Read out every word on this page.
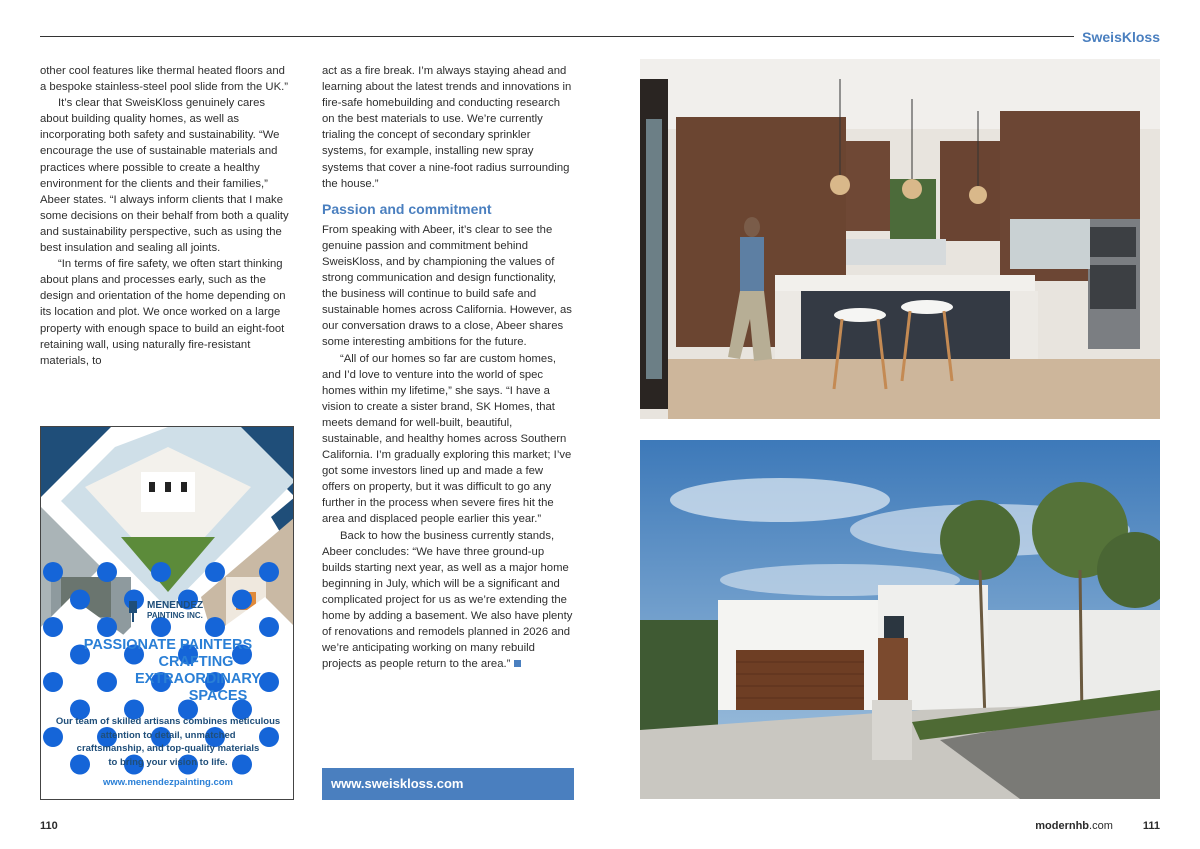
SweisKloss

other cool features like thermal heated floors and a bespoke stainless-steel pool slide from the UK.”

It’s clear that SweisKloss genuinely cares about building quality homes, as well as incorporating both safety and sustainability. “We encourage the use of sustainable materials and practices where possible to create a healthy environment for the clients and their families,” Abeer states. “I always inform clients that I make some decisions on their behalf from both a quality and sustainability perspective, such as using the best insulation and sealing all joints.

“In terms of fire safety, we often start thinking about plans and processes early, such as the design and orientation of the home depending on its location and plot. We once worked on a large property with enough space to build an eight-foot retaining wall, using naturally fire-resistant materials, to

act as a fire break. I’m always staying ahead and learning about the latest trends and innovations in fire-safe homebuilding and conducting research on the best materials to use. We’re currently trialing the concept of secondary sprinkler systems, for example, installing new spray systems that cover a nine-foot radius surrounding the house.”

Passion and commitment

From speaking with Abeer, it’s clear to see the genuine passion and commitment behind SweisKloss, and by championing the values of strong communication and design functionality, the business will continue to build safe and sustainable homes across California. However, as our conversation draws to a close, Abeer shares some interesting ambitions for the future.

“All of our homes so far are custom homes, and I’d love to venture into the world of spec homes within my lifetime,” she says. “I have a vision to create a sister brand, SK Homes, that meets demand for well-built, beautiful, sustainable, and healthy homes across Southern California. I’m gradually exploring this market; I’ve got some investors lined up and made a few offers on property, but it was difficult to go any further in the process when severe fires hit the area and displaced people earlier this year.”

Back to how the business currently stands, Abeer concludes: “We have three ground-up builds starting next year, as well as a major home beginning in July, which will be a significant and complicated project for us as we’re extending the home by adding a basement. We also have plenty of renovations and remodels planned in 2026 and we’re anticipating working on many rebuild projects as people return to the area.”

www.sweiskloss.com
MENENDEZ
PAINTING INC.
PASSIONATE PAINTERS
CRAFTING
EXTRAORDINARY
SPACES
Our team of skilled artisans combines meticulous
attention to detail, unmatched
craftsmanship, and top-quality materials
to bring your vision to life.
www.menendezpainting.com
110	modernhb.com	111
